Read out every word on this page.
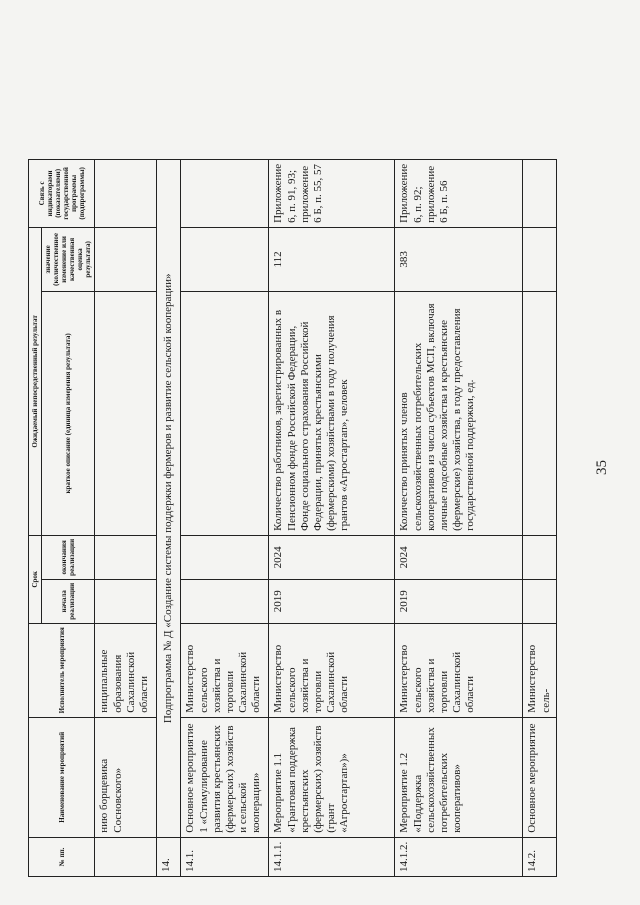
35
№ пп.	Наименование мероприятий	Исполнитель мероприятия	Срок		Ожидаемый непосредственный результат		Связь с индикаторами (показателями) государственной программы (подпрограммы)
			начала реализации	окончания реализации	краткое описание (единица измерения результата)	значение (количественное изменение или качественная оценка результата)	
	нию борщевика Сосновского»	ниципальные образования Сахалинской области					
14.	Подпрограмма № Д «Создание системы поддержки фермеров и развитие сельской кооперации»						
14.1.	Основное мероприятие 1 «Стимулирование развития крестьянских (фермерских) хозяйств и сельской кооперации»	Министерство сельского хозяйства и торговли Сахалинской области					
14.1.1.	Мероприятие 1.1 «Грантовая поддержка крестьянских (фермерских) хозяйств (грант «Агростартап»)»	Министерство сельского хозяйства и торговли Сахалинской области	2019	2024	Количество работников, зарегистрированных в Пенсионном фонде Российской Федерации, Фонде социального страхования Российской Федерации, принятых крестьянскими (фермерскими) хозяйствами в году получения грантов «Агростартап», человек	112	Приложение 6, п. 91, 93; приложение 6 Б, п. 55, 57
14.1.2.	Мероприятие 1.2 «Поддержка сельскохозяйственных потребительских кооперативов»	Министерство сельского хозяйства и торговли Сахалинской области	2019	2024	Количество принятых членов сельскохозяйственных потребительских кооперативов из числа субъектов МСП, включая личные подсобные хозяйства и крестьянские (фермерские) хозяйства, в году предоставления государственной поддержки, ед.	383	Приложение 6, п. 92; приложение 6 Б, п. 56
14.2.	Основное мероприятие	Министерство сель-					
